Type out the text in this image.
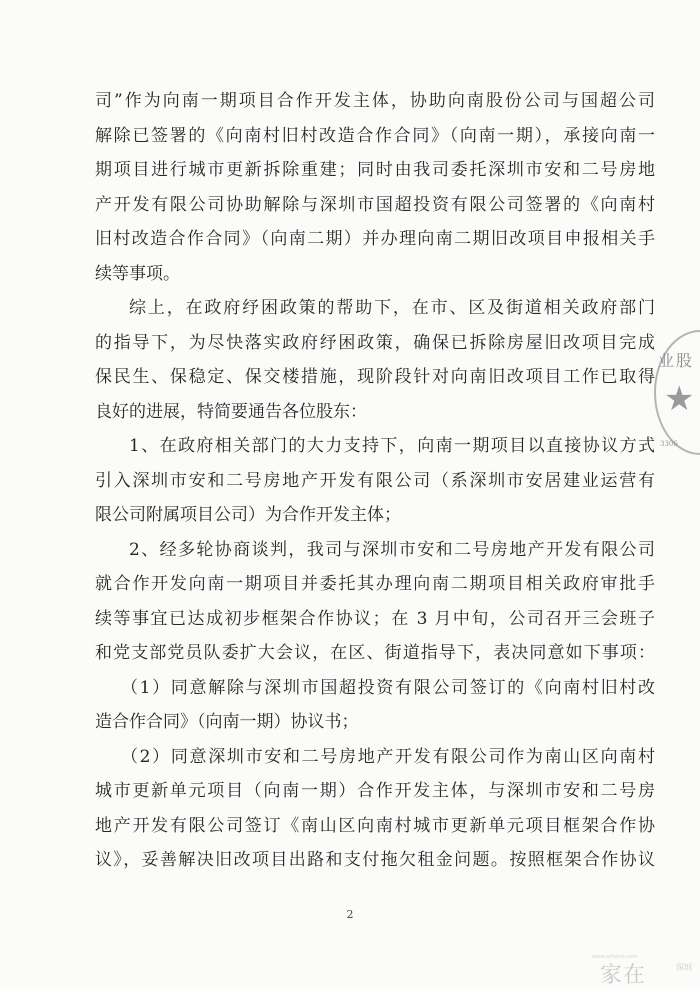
司”作为向南一期项目合作开发主体，协助向南股份公司与国超公司
解除已签署的《向南村旧村改造合作合同》（向南一期），承接向南一
期项目进行城市更新拆除重建；同时由我司委托深圳市安和二号房地
产开发有限公司协助解除与深圳市国超投资有限公司签署的《向南村
旧村改造合作合同》（向南二期）并办理向南二期旧改项目申报相关手
续等事项。
综上，在政府纾困政策的帮助下，在市、区及街道相关政府部门
的指导下，为尽快落实政府纾困政策，确保已拆除房屋旧改项目完成
保民生、保稳定、保交楼措施，现阶段针对向南旧改项目工作已取得
良好的进展，特简要通告各位股东：
1、在政府相关部门的大力支持下，向南一期项目以直接协议方式
引入深圳市安和二号房地产开发有限公司（系深圳市安居建业运营有
限公司附属项目公司）为合作开发主体；
2、经多轮协商谈判，我司与深圳市安和二号房地产开发有限公司
就合作开发向南一期项目并委托其办理向南二期项目相关政府审批手
续等事宜已达成初步框架合作协议；在 3 月中旬，公司召开三会班子
和党支部党员队委扩大会议，在区、街道指导下，表决同意如下事项：
（1）同意解除与深圳市国超投资有限公司签订的《向南村旧村改
造合作合同》（向南一期）协议书；
（2）同意深圳市安和二号房地产开发有限公司作为南山区向南村
城市更新单元项目（向南一期）合作开发主体，与深圳市安和二号房
地产开发有限公司签订《南山区向南村城市更新单元项目框架合作协
议》，妥善解决旧改项目出路和支付拖欠租金问题。按照框架合作协议
2
业股
★
3306
www.szhome.com
家在	深圳
